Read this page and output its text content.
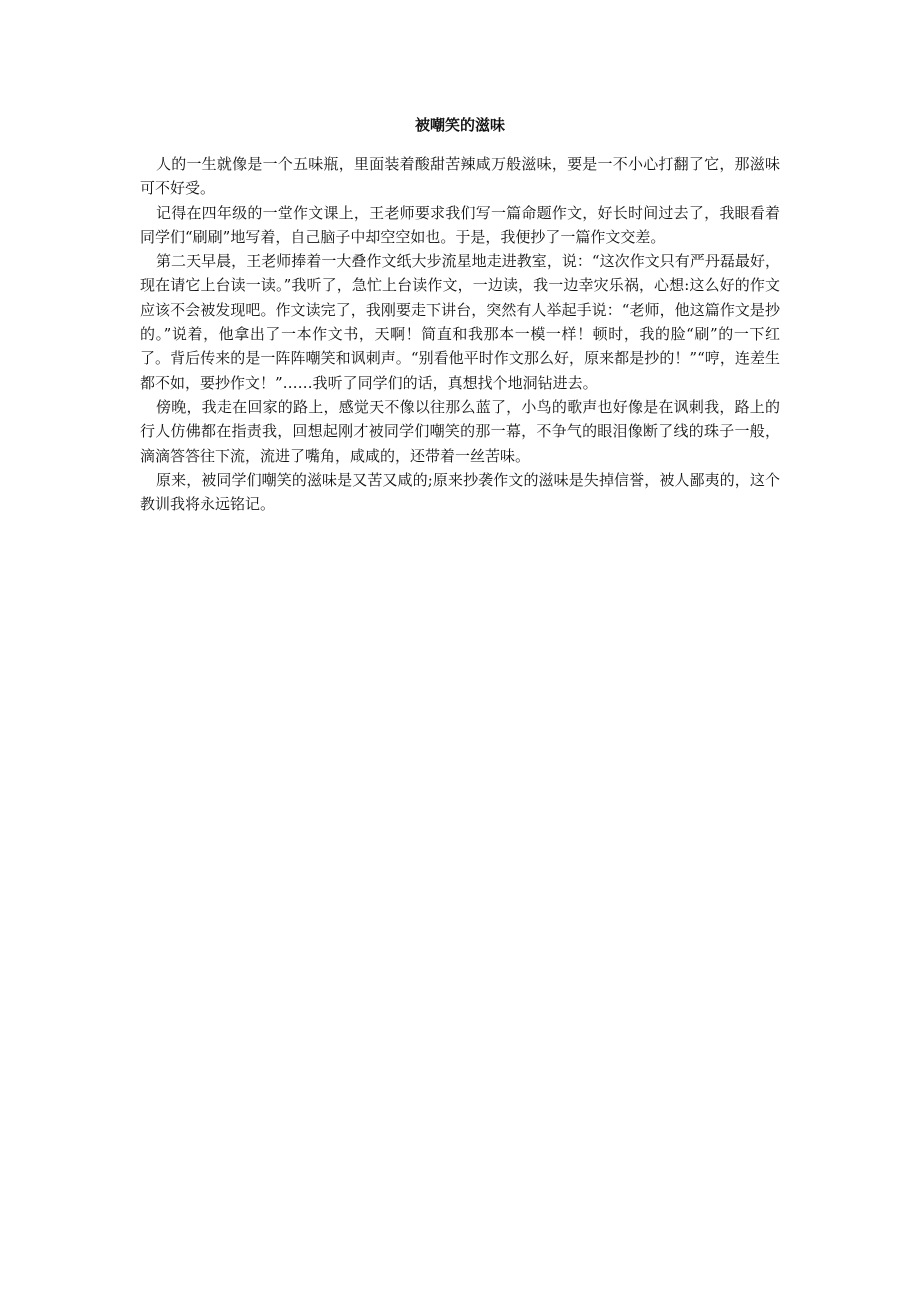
被嘲笑的滋味

人的一生就像是一个五味瓶，里面装着酸甜苦辣咸万般滋味，要是一不小心打翻了它，那滋味可不好受。

记得在四年级的一堂作文课上，王老师要求我们写一篇命题作文，好长时间过去了，我眼看着同学们“刷刷”地写着，自己脑子中却空空如也。于是，我便抄了一篇作文交差。

第二天早晨，王老师捧着一大叠作文纸大步流星地走进教室，说：“这次作文只有严丹磊最好，现在请它上台读一读。”我听了，急忙上台读作文，一边读，我一边幸灾乐祸，心想:这么好的作文应该不会被发现吧。作文读完了，我刚要走下讲台，突然有人举起手说：“老师，他这篇作文是抄的。”说着，他拿出了一本作文书，天啊！简直和我那本一模一样！顿时，我的脸“刷”的一下红了。背后传来的是一阵阵嘲笑和讽刺声。“别看他平时作文那么好，原来都是抄的！”“哼，连差生都不如，要抄作文！”……我听了同学们的话，真想找个地洞钻进去。

傍晚，我走在回家的路上，感觉天不像以往那么蓝了，小鸟的歌声也好像是在讽刺我，路上的行人仿佛都在指责我，回想起刚才被同学们嘲笑的那一幕，不争气的眼泪像断了线的珠子一般，滴滴答答往下流，流进了嘴角，咸咸的，还带着一丝苦味。

原来，被同学们嘲笑的滋味是又苦又咸的;原来抄袭作文的滋味是失掉信誉，被人鄙夷的，这个教训我将永远铭记。
